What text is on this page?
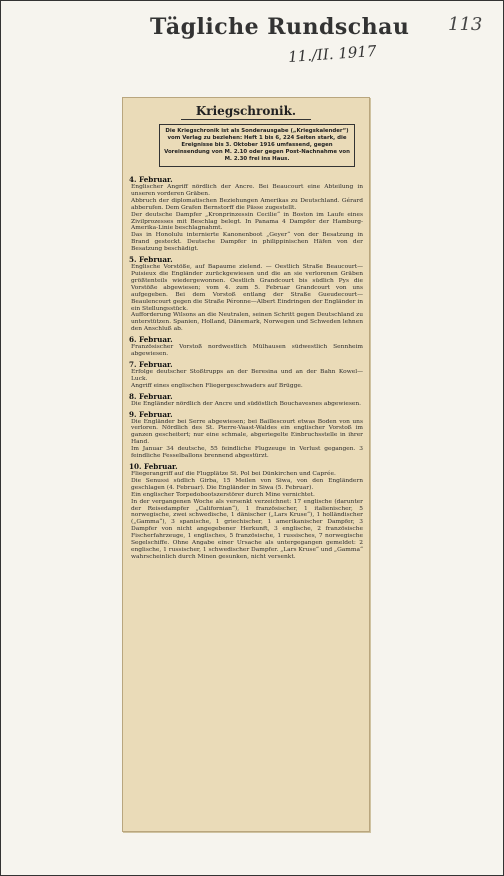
Tägliche Rundschau
11./II. 1917
113
Kriegschronik.
Die Kriegschronik ist als Sonderausgabe („Kriegskalender“) vom Verlag zu beziehen: Heft 1 bis 6, 224 Seiten stark, die Ereignisse bis 3. Oktober 1916 umfassend, gegen Voreinsendung von M. 2.10 oder gegen Post-Nachnahme von M. 2.30 frei ins Haus.
4. Februar.
Englischer Angriff nördlich der Ancre. Bei Beaucourt eine Abteilung in unseren vorderen Gräben.
Abbruch der diplomatischen Beziehungen Amerikas zu Deutschland. Gérard abberufen. Dem Grafen Bernstorff die Pässe zugestellt.
Der deutsche Dampfer „Kronprinzessin Cecilie“ in Boston im Laufe eines Zivilprozesses mit Beschlag belegt. In Panama 4 Dampfer der Hamburg-Amerika-Linie beschlagnahmt.
Das in Honolulu internierte Kanonenboot „Geyer“ von der Besatzung in Brand gesteckt. Deutsche Dampfer in philippinischen Häfen von der Besatzung beschädigt.
5. Februar.
Englische Vorstöße, auf Bapaume zielend. — Oestlich Straße Beaucourt—Puisieux die Engländer zurückgewiesen und die an sie verlorenen Gräben größtenteils wiedergewonnen. Oestlich Grandcourt bis südlich Pys die Vorstöße abgewiesen; vom 4. zum 5. Februar Grandcourt von uns aufgegeben. Bei dem Vorstoß entlang der Straße Gueudecourt—Beaulencourt gegen die Straße Péronne—Albert Eindringen der Engländer in ein Stellungsstück.
Aufforderung Wilsons an die Neutralen, seinen Schritt gegen Deutschland zu unterstützen. Spanien, Holland, Dänemark, Norwegen und Schweden lehnen den Anschluß ab.
6. Februar.
Französischer Vorstoß nordwestlich Mülhausen südwestlich Sennheim abgewiesen.
7. Februar.
Erfolge deutscher Stoßtrupps an der Beresina und an der Bahn Kowel—Luck.
Angriff eines englischen Fliegergeschwaders auf Brügge.
8. Februar.
Die Engländer nördlich der Ancre und südöstlich Bouchavesnes abgewiesen.
9. Februar.
Die Engländer bei Serre abgewiesen; bei Baillescourt etwas Boden von uns verloren. Nördlich des St. Pierre-Vaast-Waldes ein englischer Vorstoß im ganzen gescheitert; nur eine schmale, abgeriegelte Einbruchsstelle in ihrer Hand.
Im Januar 34 deutsche, 55 feindliche Flugzeuge in Verlust gegangen. 3 feindliche Fesselballons brennend abgestürzt.
10. Februar.
Fliegerangriff auf die Flugplätze St. Pol bei Dünkirchen und Caprée.
Die Senussi südlich Girba, 15 Meilen von Siwa, von den Engländern geschlagen (4. Februar). Die Engländer in Siwa (5. Februar).
Ein englischer Torpedobootszerstörer durch Mine vernichtet.
In der vergangenen Woche als versenkt verzeichnet: 17 englische (darunter der Reisedampfer „Californian“), 1 französischer, 1 italienischer, 5 norwegische, zwei schwedische, 1 dänischer („Lars Kruse“), 1 holländischer („Gamma“), 3 spanische, 1 griechischer, 1 amerikanischer Dampfer, 3 Dampfer von nicht angegebener Herkunft, 3 englische, 2 französische Fischerfahrzeuge, 1 englisches, 5 französische, 1 russisches, 7 norwegische Segelschiffe. Ohne Angabe einer Ursache als untergegangen gemeldet: 2 englische, 1 russischer, 1 schwedischer Dampfer. „Lars Kruse“ und „Gamma“ wahrscheinlich durch Minen gesunken, nicht versenkt.
